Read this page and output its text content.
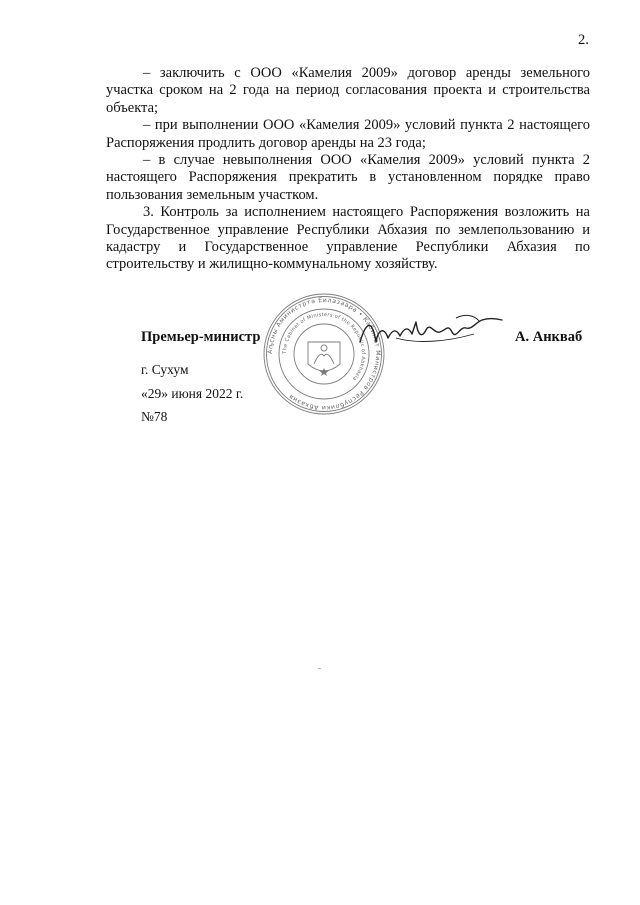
2.

– заключить с ООО «Камелия 2009» договор аренды земельного участка сроком на 2 года на период согласования проекта и строительства объекта;

– при выполнении ООО «Камелия 2009» условий пункта 2 настоящего Распоряжения продлить договор аренды на 23 года;

– в случае невыполнения ООО «Камелия 2009» условий пункта 2 настоящего Распоряжения прекратить в установленном порядке право пользования земельным участком.

3. Контроль за исполнением настоящего Распоряжения возложить на Государственное управление Республики Абхазия по землепользованию и кадастру и Государственное управление Республики Абхазия по строительству и жилищно-коммунальному хозяйству.

Аҧсны Аминистртә Еилазаара • Кабинет Министров Республики Абхазия
The Cabinet of Ministers of the Republic of Abkhazia
Премьер-министр	А. Анкваб
г. Сухум
«29» июня 2022 г.
№78
